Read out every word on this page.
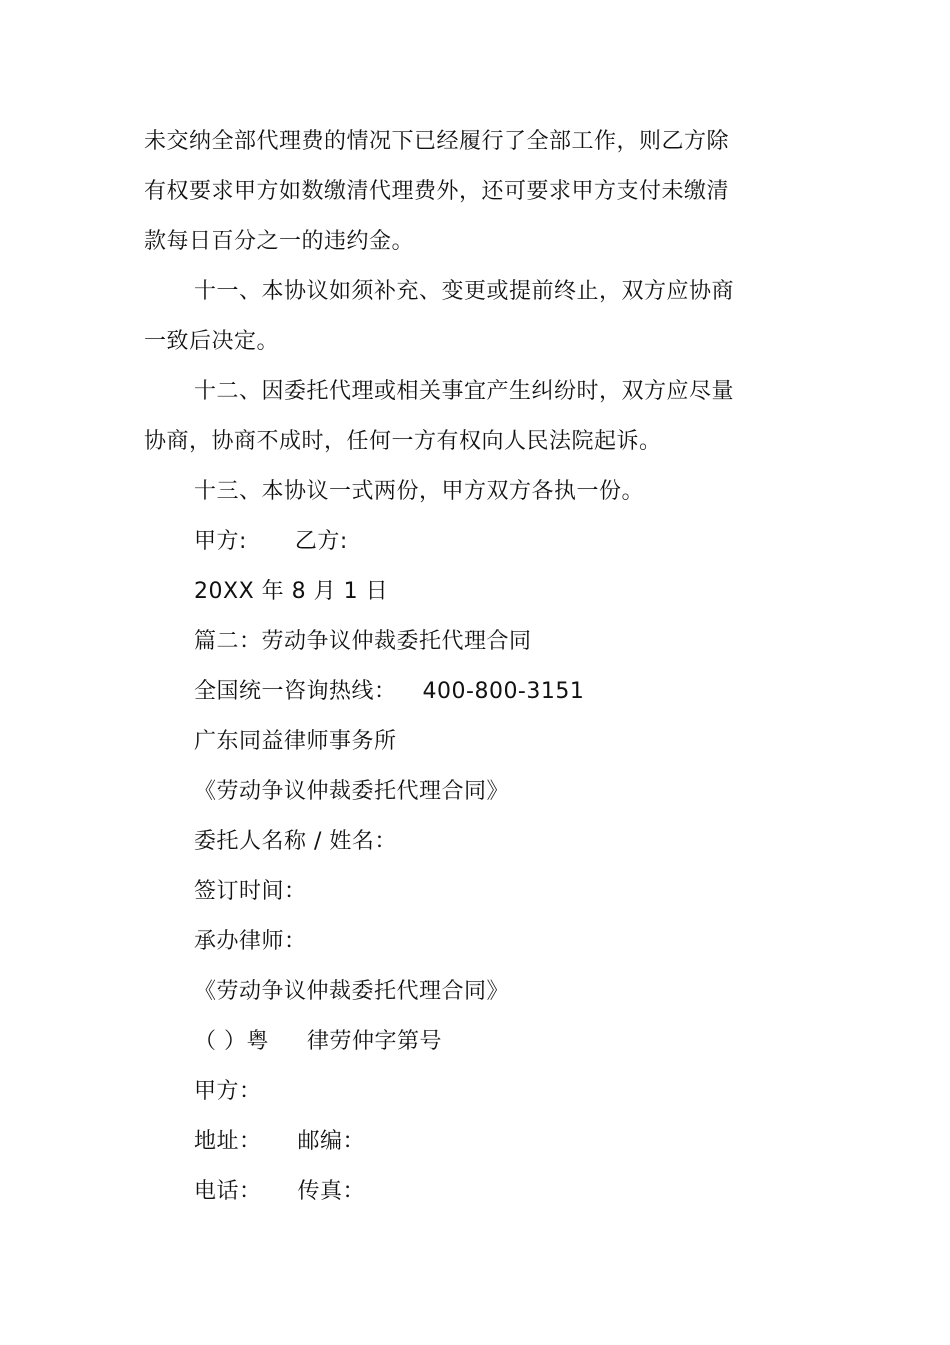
未交纳全部代理费的情况下已经履行了全部工作，则乙方除
有权要求甲方如数缴清代理费外，还可要求甲方支付未缴清
款每日百分之一的违约金。
十一、本协议如须补充、变更或提前终止，双方应协商
一致后决定。
十二、因委托代理或相关事宜产生纠纷时，双方应尽量
协商，协商不成时，任何一方有权向人民法院起诉。
十三、本协议一式两份，甲方双方各执一份。
甲方: 乙方:
20XX 年 8 月 1 日
篇二：劳动争议仲裁委托代理合同
全国统一咨询热线： 400-800-3151
广东同益律师事务所
《劳动争议仲裁委托代理合同》
委托人名称 / 姓名：
签订时间：
承办律师：
《劳动争议仲裁委托代理合同》
（ ）粤 律劳仲字第号
甲方：
地址： 邮编：
电话： 传真：
